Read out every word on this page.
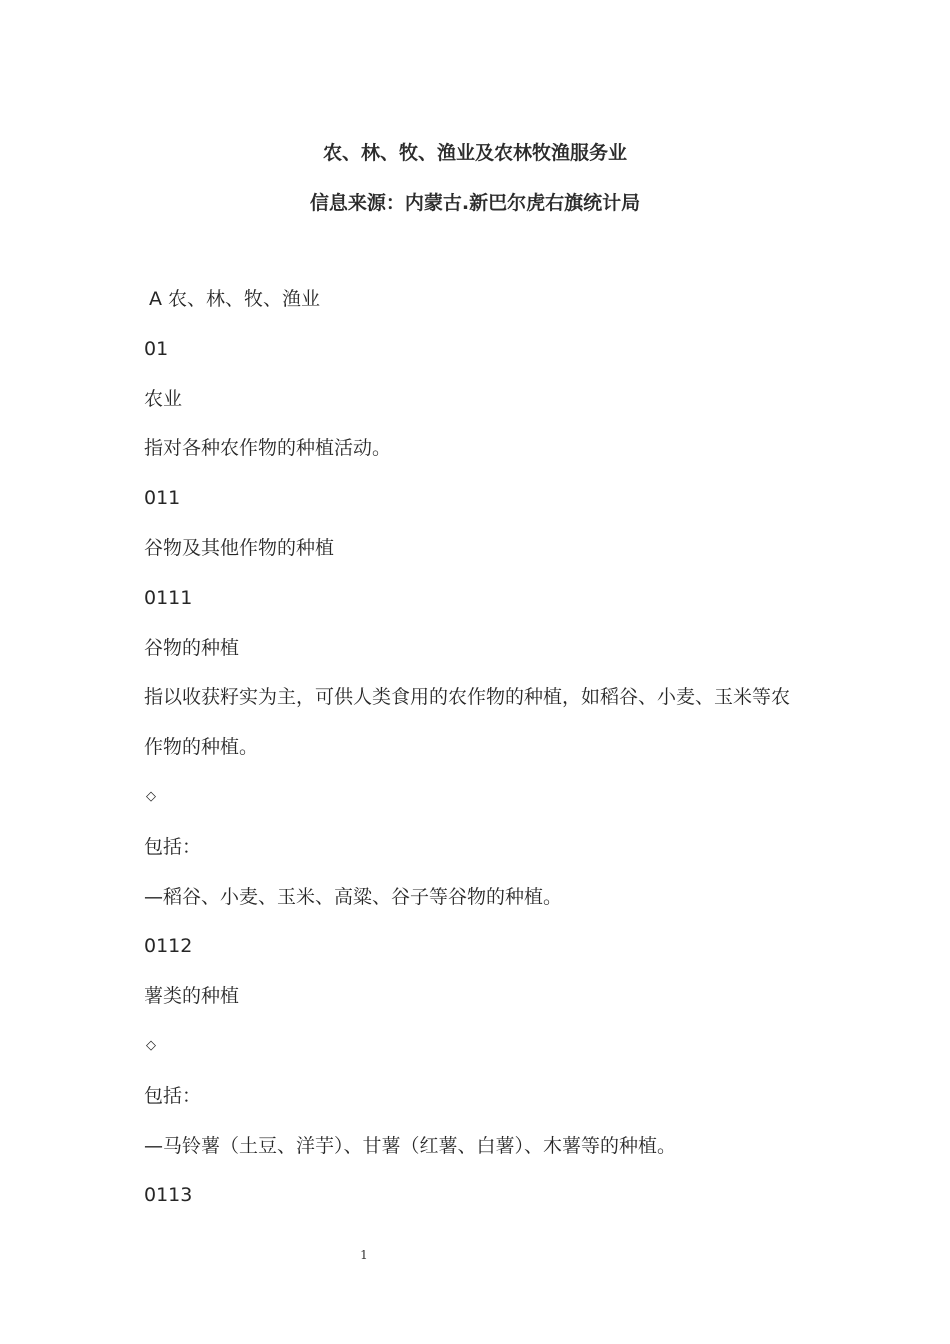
农、林、牧、渔业及农林牧渔服务业
信息来源：内蒙古.新巴尔虎右旗统计局
A 农、林、牧、渔业
01
农业
指对各种农作物的种植活动。
011
谷物及其他作物的种植
0111
谷物的种植
指以收获籽实为主，可供人类食用的农作物的种植，如稻谷、小麦、玉米等农
作物的种植。
◇
包括：
—稻谷、小麦、玉米、高粱、谷子等谷物的种植。
0112
薯类的种植
◇
包括：
—马铃薯（土豆、洋芋）、甘薯（红薯、白薯）、木薯等的种植。
0113
1
